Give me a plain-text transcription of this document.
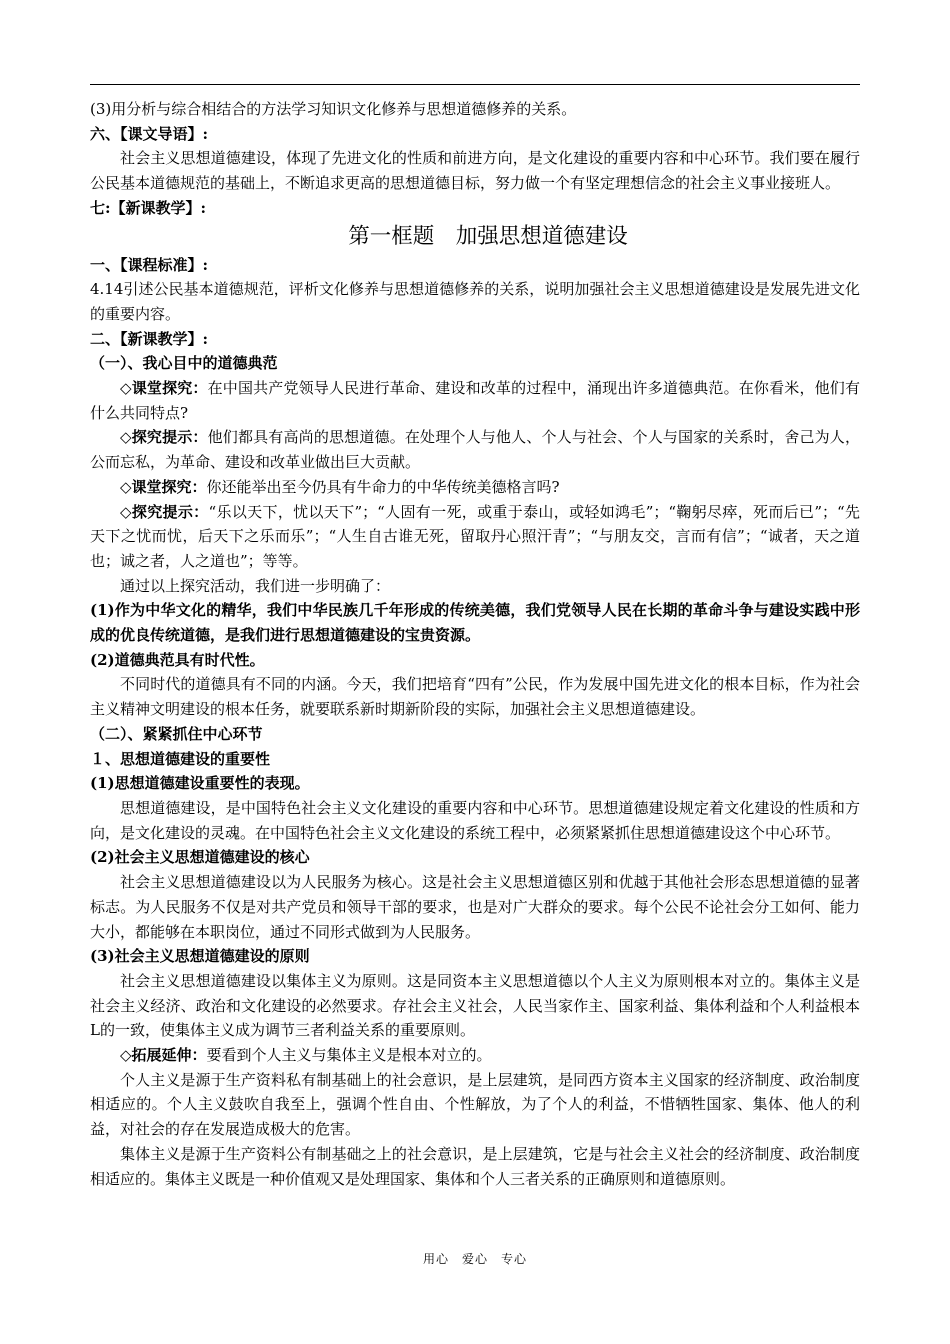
(3)用分析与综合相结合的方法学习知识文化修养与思想道德修养的关系。

六、【课文导语】:

社会主义思想道德建设，体现了先进文化的性质和前进方向，是文化建设的重要内容和中心环节。我们要在履行公民基本道德规范的基础上，不断追求更高的思想道德目标，努力做一个有坚定理想信念的社会主义事业接班人。

七:【新课教学】:

第一框题　加强思想道德建设

一、【课程标准】:

4.14引述公民基本道德规范，评析文化修养与思想道德修养的关系，说明加强社会主义思想道德建设是发展先进文化的重要内容。

二、【新课教学】:

（一）、我心目中的道德典范

◇课堂探究：在中国共产党领导人民进行革命、建设和改革的过程中，涌现出许多道德典范。在你看米，他们有什么共同特点?

◇探究提示：他们都具有高尚的思想道德。在处理个人与他人、个人与社会、个人与国家的关系时，舍己为人，公而忘私，为革命、建设和改革业做出巨大贡献。

◇课堂探究：你还能举出至今仍具有牛命力的中华传统美德格言吗?

◇探究提示：“乐以天下，忧以天下”；“人固有一死，或重于泰山，或轻如鸿毛”；“鞠躬尽瘁，死而后已”；“先天下之忧而忧，后天下之乐而乐”；“人生自古谁无死，留取丹心照汗青”；“与朋友交，言而有信”；“诚者，天之道也；诚之者，人之道也”；等等。

通过以上探究活动，我们进一步明确了：

(1)作为中华文化的精华，我们中华民族几千年形成的传统美德，我们党领导人民在长期的革命斗争与建设实践中形成的优良传统道德，是我们进行思想道德建设的宝贵资源。

(2)道德典范具有时代性。

不同时代的道德具有不同的内涵。今天，我们把培育“四有”公民，作为发展中国先进文化的根本目标，作为社会主义精神文明建设的根本任务，就要联系新时期新阶段的实际，加强社会主义思想道德建设。

（二）、紧紧抓住中心环节

１、思想道德建设的重要性

(1)思想道德建设重要性的表现。

思想道德建设，是中国特色社会主义文化建设的重要内容和中心环节。思想道德建设规定着文化建设的性质和方向，是文化建设的灵魂。在中国特色社会主义文化建设的系统工程中，必须紧紧抓住思想道德建设这个中心环节。

(2)社会主义思想道德建设的核心

社会主义思想道德建设以为人民服务为核心。这是社会主义思想道德区别和优越于其他社会形态思想道德的显著标志。为人民服务不仅是对共产党员和领导干部的要求，也是对广大群众的要求。每个公民不论社会分工如何、能力大小，都能够在本职岗位，通过不同形式做到为人民服务。

(3)社会主义思想道德建设的原则

社会主义思想道德建设以集体主义为原则。这是同资本主义思想道德以个人主义为原则根本对立的。集体主义是社会主义经济、政治和文化建设的必然要求。存社会主义社会，人民当家作主、国家利益、集体利益和个人利益根本L的一致，使集体主义成为调节三者利益关系的重要原则。

◇拓展延伸：要看到个人主义与集体主义是根本对立的。

个人主义是源于生产资料私有制基础上的社会意识，是上层建筑，是同西方资本主义国家的经济制度、政治制度相适应的。个人主义鼓吹自我至上，强调个性自由、个性解放，为了个人的利益，不惜牺牲国家、集体、他人的利益，对社会的存在发展造成极大的危害。

集体主义是源于生产资料公有制基础之上的社会意识，是上层建筑，它是与社会主义社会的经济制度、政治制度相适应的。集体主义既是一种价值观又是处理国家、集体和个人三者关系的正确原则和道德原则。

用心　爱心　专心
